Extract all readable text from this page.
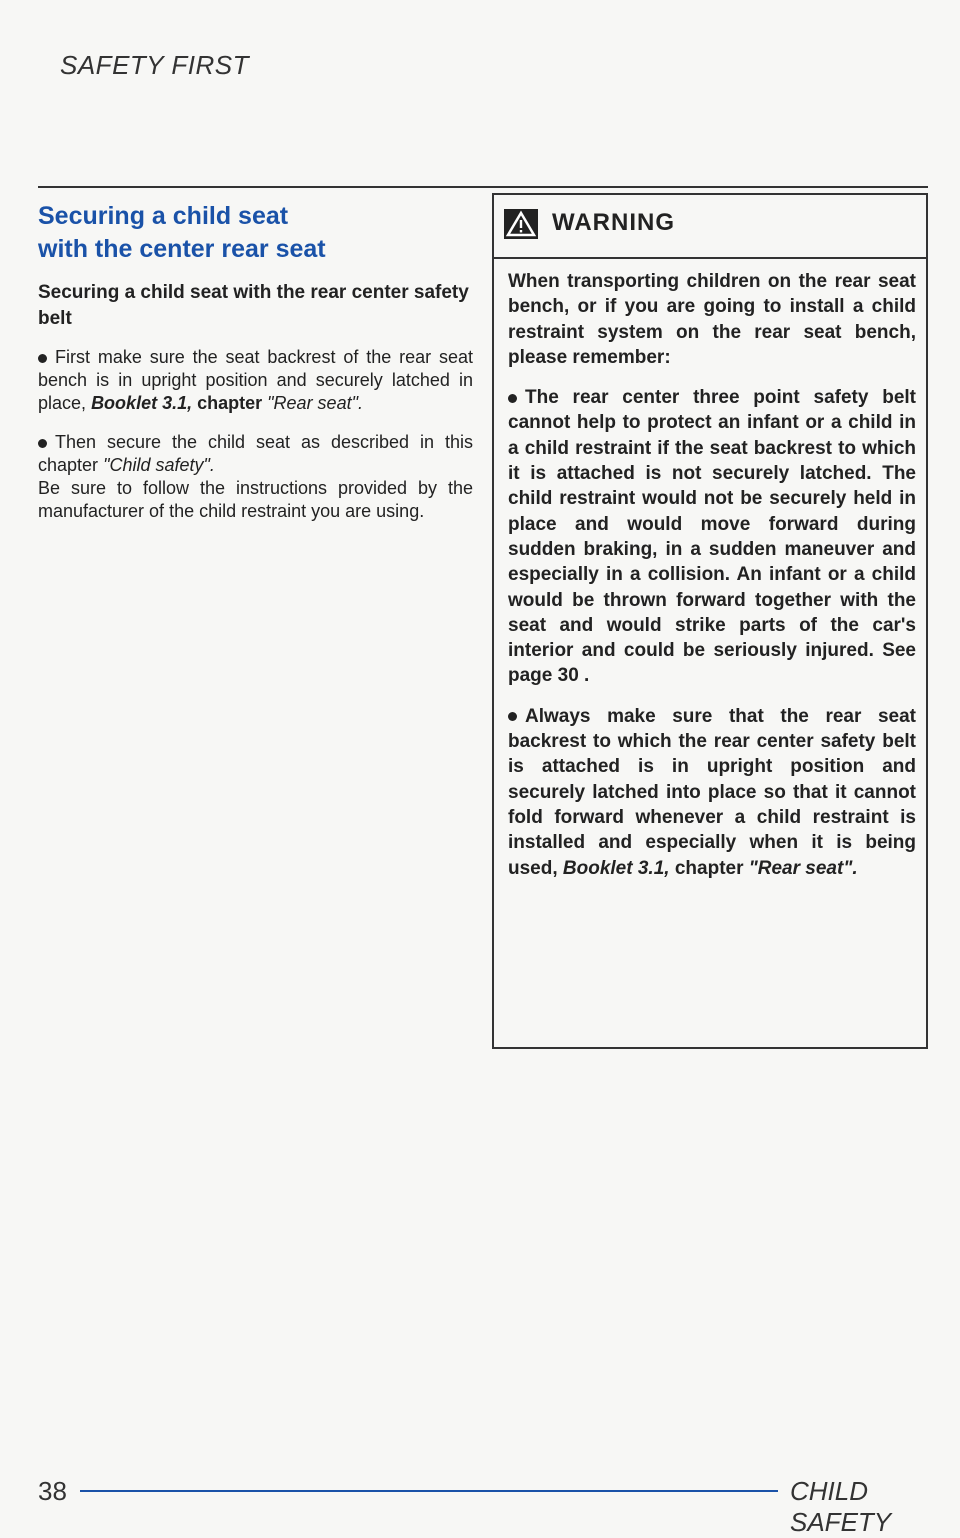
SAFETY FIRST
Securing a child seat
with the center rear seat
Securing a child seat with the rear center safety belt

First make sure the seat backrest of the rear seat bench is in upright position and securely latched in place, Booklet 3.1, chapter "Rear seat".

Then secure the child seat as described in this chapter "Child safety".

Be sure to follow the instructions provided by the manufacturer of the child restraint you are using.

WARNING

When transporting children on the rear seat bench, or if you are going to install a child restraint system on the rear seat bench, please remember:

The rear center three point safety belt cannot help to protect an infant or a child in a child restraint if the seat backrest to which it is attached is not securely latched. The child restraint would not be securely held in place and would move forward during sudden braking, in a sudden maneuver and especially in a collision. An infant or a child would be thrown forward together with the seat and would strike parts of the car's interior and could be seriously injured. See page 30 .

Always make sure that the rear seat backrest to which the rear center safety belt is attached is in upright position and securely latched into place so that it cannot fold forward whenever a child restraint is installed and especially when it is being used, Booklet 3.1, chapter "Rear seat".

38	CHILD SAFETY
